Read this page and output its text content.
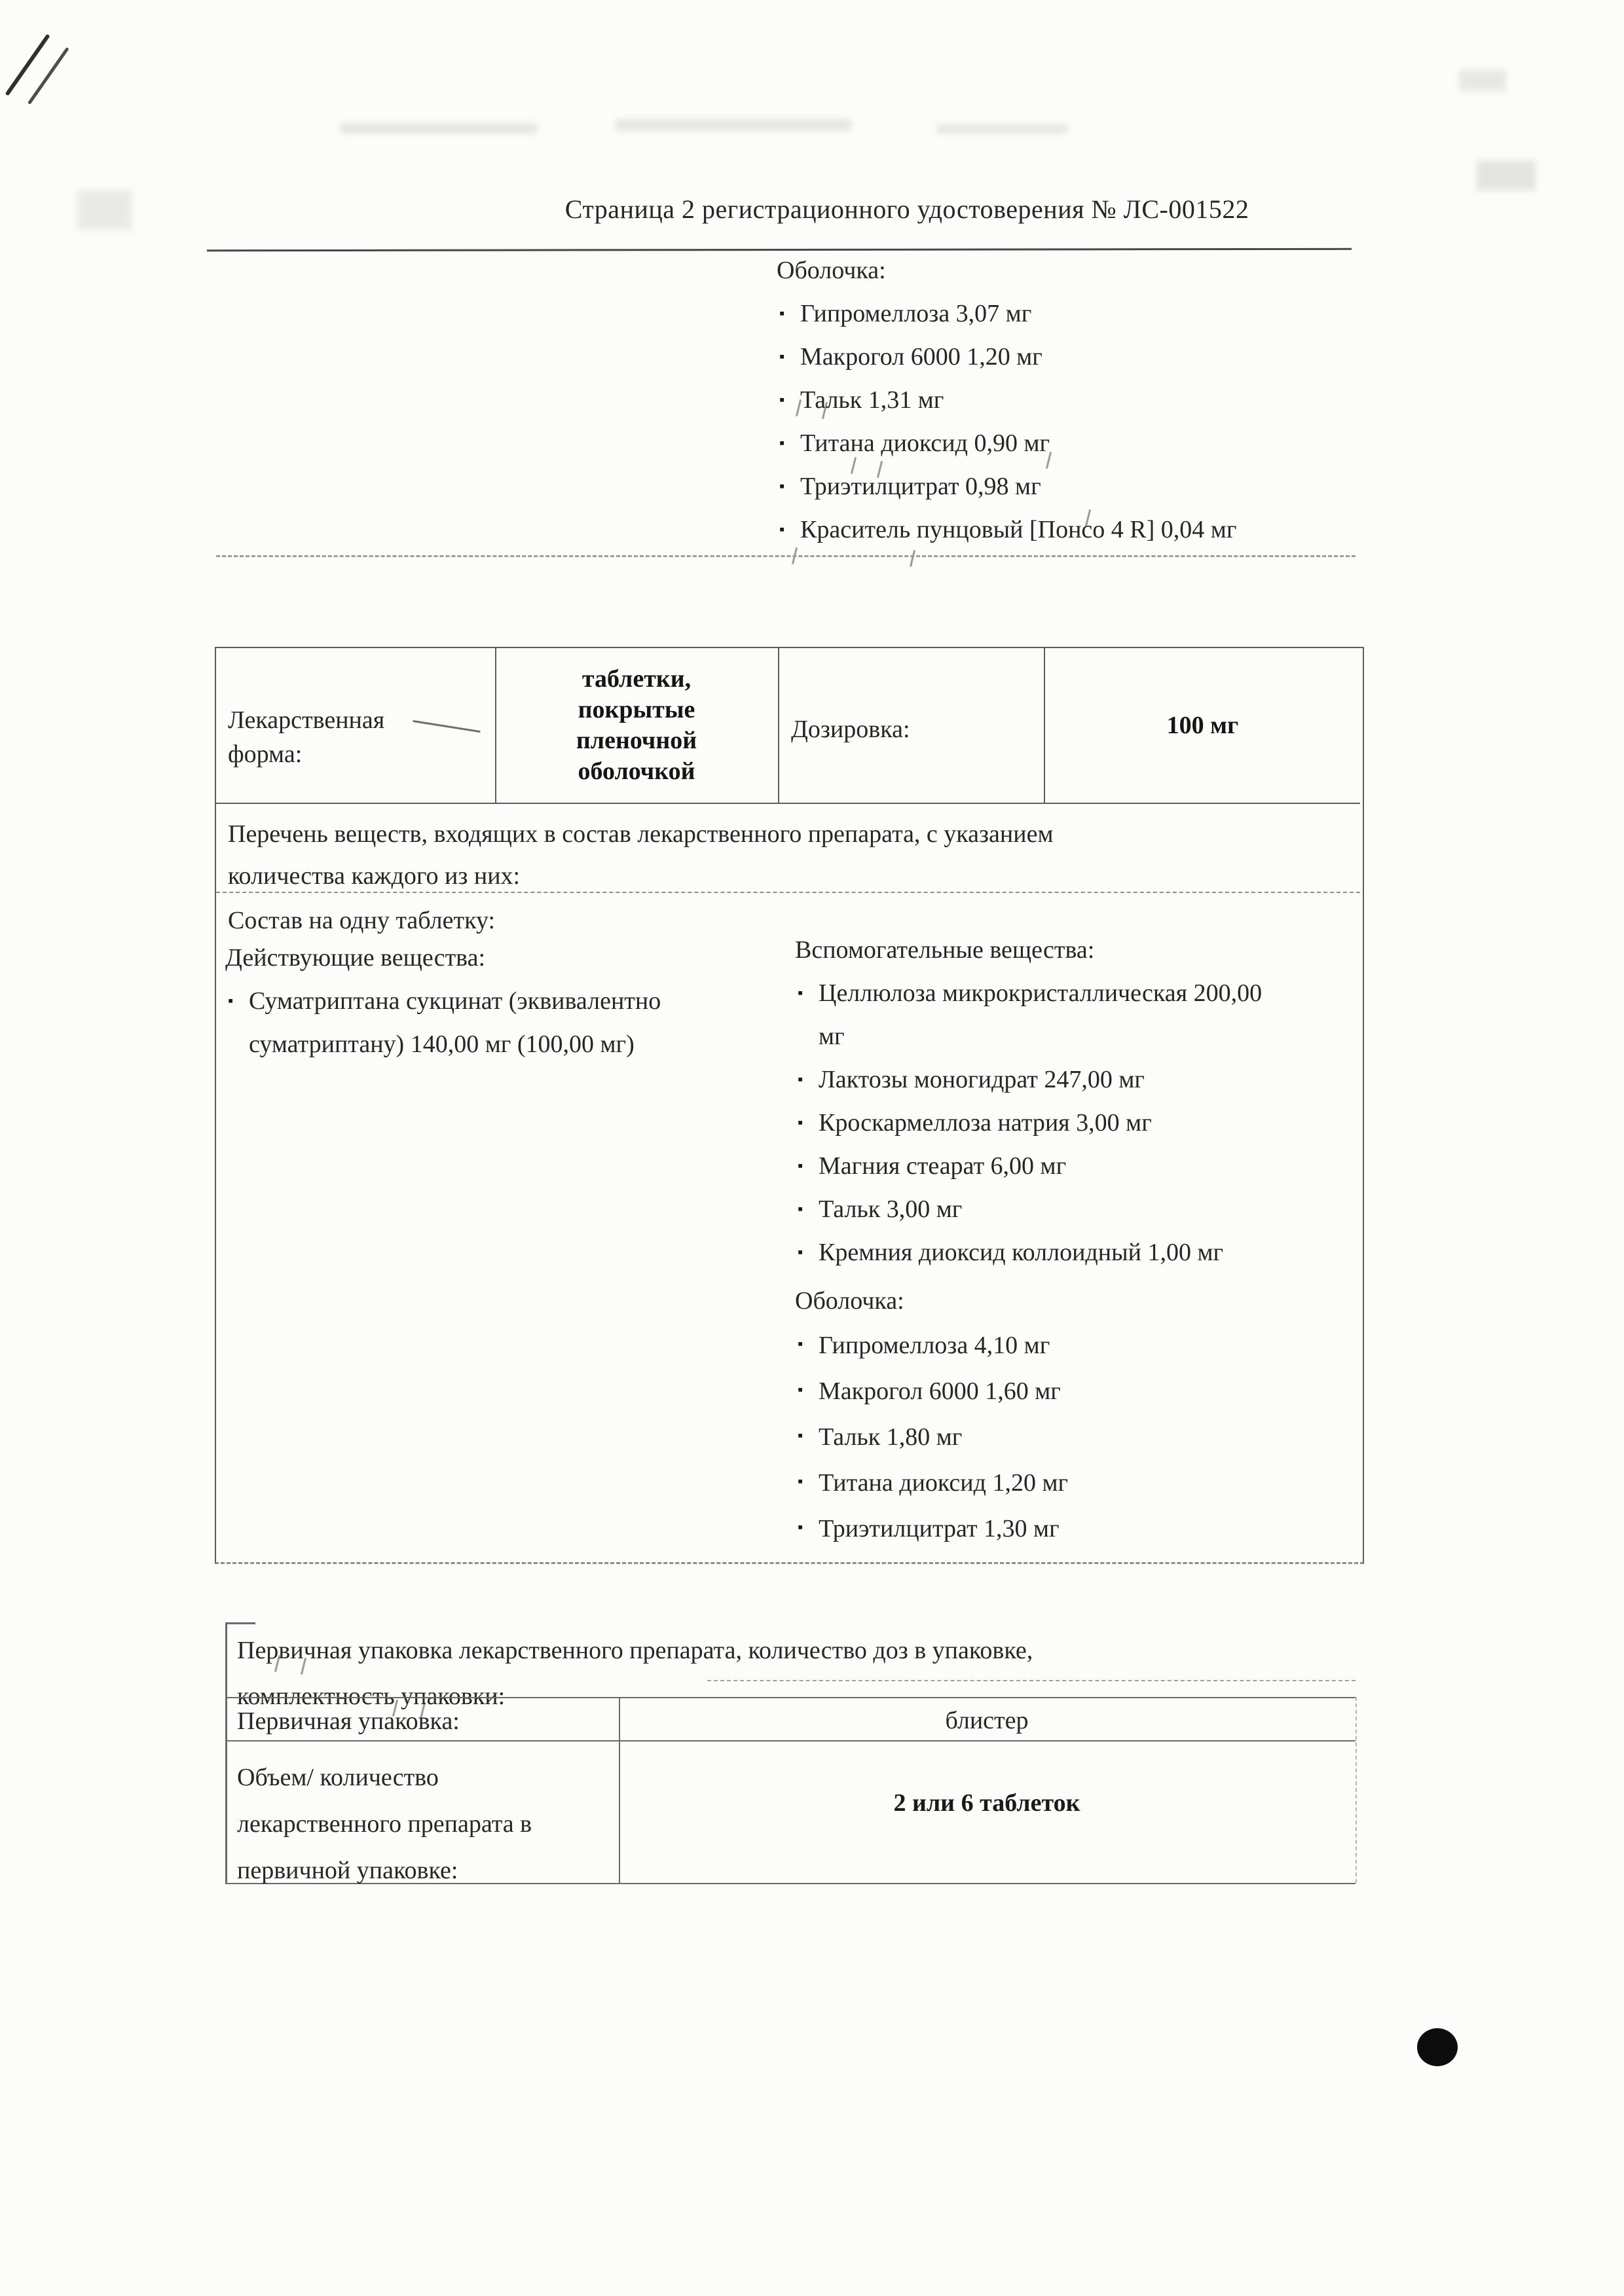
Страница 2 регистрационного удостоверения № ЛС-001522

Оболочка:

▪ Гипромеллоза 3,07 мг
▪ Макрогол 6000 1,20 мг
▪ Тальк 1,31 мг
▪ Титана диоксид 0,90 мг
▪ Триэтилцитрат 0,98 мг
▪ Краситель пунцовый [Понсо 4 R] 0,04 мг
Лекарственная форма:
таблетки, покрытые пленочной оболочкой
Дозировка:	100 мг
Перечень веществ, входящих в состав лекарственного препарата, с указанием
количества каждого из них:
Состав на одну таблетку:

Действующие вещества:

▪ Суматриптана сукцинат (эквивалентно суматриптану) 140,00 мг (100,00 мг)

Вспомогательные вещества:

▪ Целлюлоза микрокристаллическая 200,00 мг
▪ Лактозы моногидрат 247,00 мг
▪ Кроскармеллоза натрия 3,00 мг
▪ Магния стеарат 6,00 мг
▪ Тальк 3,00 мг
▪ Кремния диоксид коллоидный 1,00 мг

Оболочка:

▪ Гипромеллоза 4,10 мг
▪ Макрогол 6000 1,60 мг
▪ Тальк 1,80 мг
▪ Титана диоксид 1,20 мг
▪ Триэтилцитрат 1,30 мг
Первичная упаковка лекарственного препарата, количество доз в упаковке,
комплектность упаковки:
Первичная упаковка:	блистер
Объем/ количество лекарственного препарата в первичной упаковке:
2 или 6 таблеток
